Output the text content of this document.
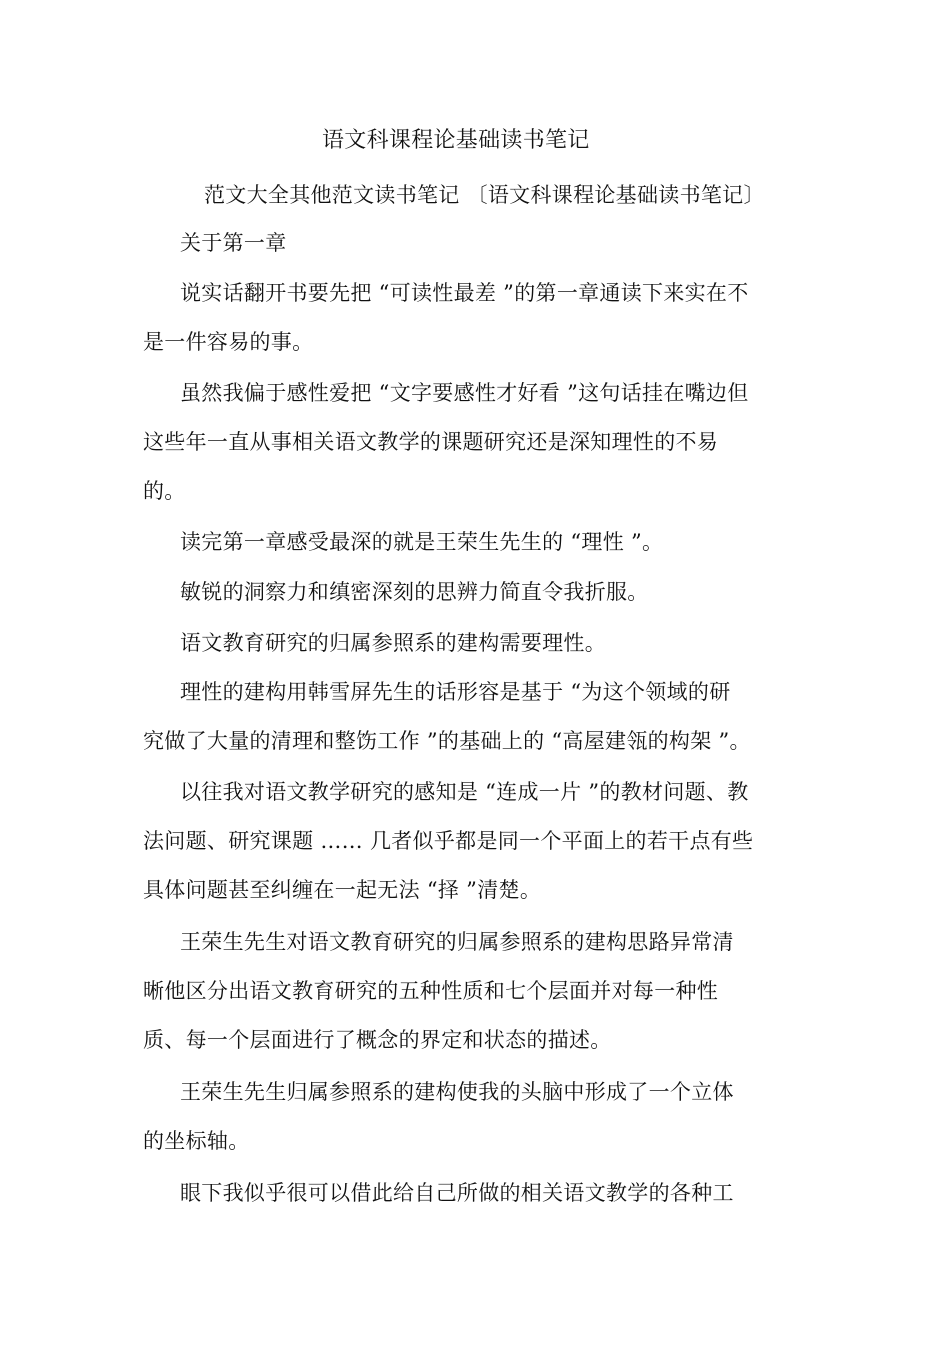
语文科课程论基础读书笔记
范文大全其他范文读书笔记 〔语文科课程论基础读书笔记〕
关于第一章
说实话翻开书要先把 “可读性最差 ”的第一章通读下来实在不
是一件容易的事。
虽然我偏于感性爱把 “文字要感性才好看 ”这句话挂在嘴边但
这些年一直从事相关语文教学的课题研究还是深知理性的不易
的。
读完第一章感受最深的就是王荣生先生的 “理性 ”。
敏锐的洞察力和缜密深刻的思辨力简直令我折服。
语文教育研究的归属参照系的建构需要理性。
理性的建构用韩雪屏先生的话形容是基于 “为这个领域的研
究做了大量的清理和整饬工作 ”的基础上的 “高屋建瓴的构架 ”。
以往我对语文教学研究的感知是 “连成一片 ”的教材问题、教
法问题、研究课题 …… 几者似乎都是同一个平面上的若干点有些
具体问题甚至纠缠在一起无法 “择 ”清楚。
王荣生先生对语文教育研究的归属参照系的建构思路异常清
晰他区分出语文教育研究的五种性质和七个层面并对每一种性
质、每一个层面进行了概念的界定和状态的描述。
王荣生先生归属参照系的建构使我的头脑中形成了一个立体
的坐标轴。
眼下我似乎很可以借此给自己所做的相关语文教学的各种工
